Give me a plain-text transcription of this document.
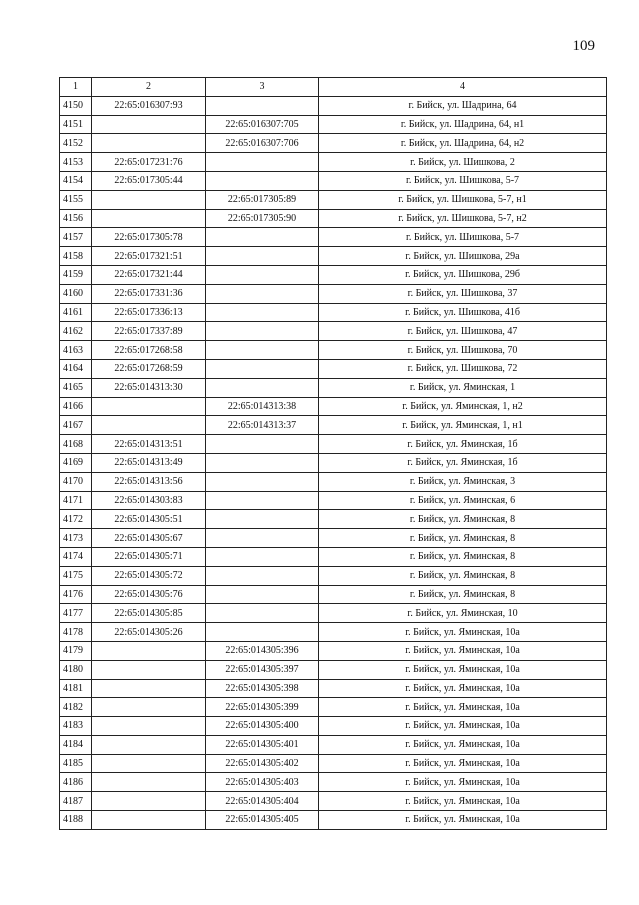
109
1	2	3	4
4150	22:65:016307:93		г. Бийск, ул. Шадрина, 64
4151		22:65:016307:705	г. Бийск, ул. Шадрина, 64, н1
4152		22:65:016307:706	г. Бийск, ул. Шадрина, 64, н2
4153	22:65:017231:76		г. Бийск, ул. Шишкова, 2
4154	22:65:017305:44		г. Бийск, ул. Шишкова, 5-7
4155		22:65:017305:89	г. Бийск, ул. Шишкова, 5-7, н1
4156		22:65:017305:90	г. Бийск, ул. Шишкова, 5-7, н2
4157	22:65:017305:78		г. Бийск, ул. Шишкова, 5-7
4158	22:65:017321:51		г. Бийск, ул. Шишкова, 29а
4159	22:65:017321:44		г. Бийск, ул. Шишкова, 29б
4160	22:65:017331:36		г. Бийск, ул. Шишкова, 37
4161	22:65:017336:13		г. Бийск, ул. Шишкова, 41б
4162	22:65:017337:89		г. Бийск, ул. Шишкова, 47
4163	22:65:017268:58		г. Бийск, ул. Шишкова, 70
4164	22:65:017268:59		г. Бийск, ул. Шишкова, 72
4165	22:65:014313:30		г. Бийск, ул. Яминская, 1
4166		22:65:014313:38	г. Бийск, ул. Яминская, 1, н2
4167		22:65:014313:37	г. Бийск, ул. Яминская, 1, н1
4168	22:65:014313:51		г. Бийск, ул. Яминская, 1б
4169	22:65:014313:49		г. Бийск, ул. Яминская, 1б
4170	22:65:014313:56		г. Бийск, ул. Яминская, 3
4171	22:65:014303:83		г. Бийск, ул. Яминская, 6
4172	22:65:014305:51		г. Бийск, ул. Яминская, 8
4173	22:65:014305:67		г. Бийск, ул. Яминская, 8
4174	22:65:014305:71		г. Бийск, ул. Яминская, 8
4175	22:65:014305:72		г. Бийск, ул. Яминская, 8
4176	22:65:014305:76		г. Бийск, ул. Яминская, 8
4177	22:65:014305:85		г. Бийск, ул. Яминская, 10
4178	22:65:014305:26		г. Бийск, ул. Яминская, 10а
4179		22:65:014305:396	г. Бийск, ул. Яминская, 10а
4180		22:65:014305:397	г. Бийск, ул. Яминская, 10а
4181		22:65:014305:398	г. Бийск, ул. Яминская, 10а
4182		22:65:014305:399	г. Бийск, ул. Яминская, 10а
4183		22:65:014305:400	г. Бийск, ул. Яминская, 10а
4184		22:65:014305:401	г. Бийск, ул. Яминская, 10а
4185		22:65:014305:402	г. Бийск, ул. Яминская, 10а
4186		22:65:014305:403	г. Бийск, ул. Яминская, 10а
4187		22:65:014305:404	г. Бийск, ул. Яминская, 10а
4188		22:65:014305:405	г. Бийск, ул. Яминская, 10а
